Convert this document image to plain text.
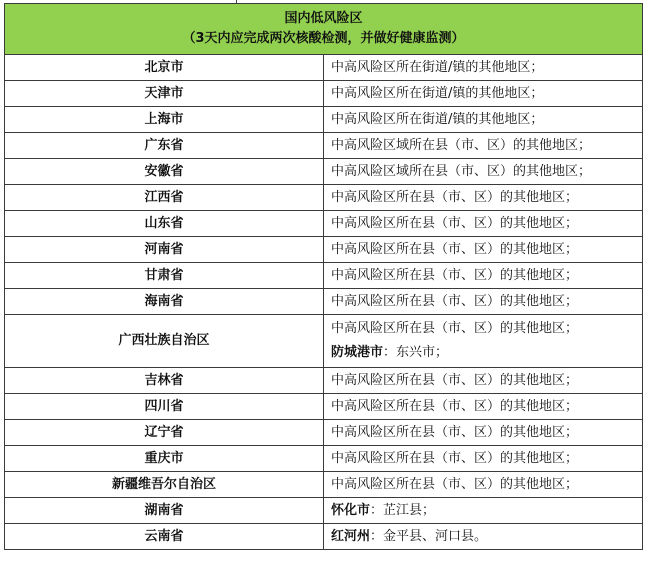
国内低风险区
（3天内应完成两次核酸检测，并做好健康监测）	

北京市	中高风险区所在街道/镇的其他地区；

天津市	中高风险区所在街道/镇的其他地区；

上海市	中高风险区所在街道/镇的其他地区；

广东省	中高风险区域所在县（市、区）的其他地区；

安徽省	中高风险区域所在县（市、区）的其他地区；

江西省	中高风险区所在县（市、区）的其他地区；

山东省	中高风险区所在县（市、区）的其他地区；

河南省	中高风险区所在县（市、区）的其他地区；

甘肃省	中高风险区所在县（市、区）的其他地区；

海南省	中高风险区所在县（市、区）的其他地区；

广西壮族自治区	中高风险区所在县（市、区）的其他地区；
防城港市：东兴市；

吉林省	中高风险区所在县（市、区）的其他地区；

四川省	中高风险区所在县（市、区）的其他地区；

辽宁省	中高风险区所在县（市、区）的其他地区；

重庆市	中高风险区所在县（市、区）的其他地区；

新疆维吾尔自治区	中高风险区所在县（市、区）的其他地区；

湖南省	怀化市：芷江县；

云南省	红河州：金平县、河口县。
